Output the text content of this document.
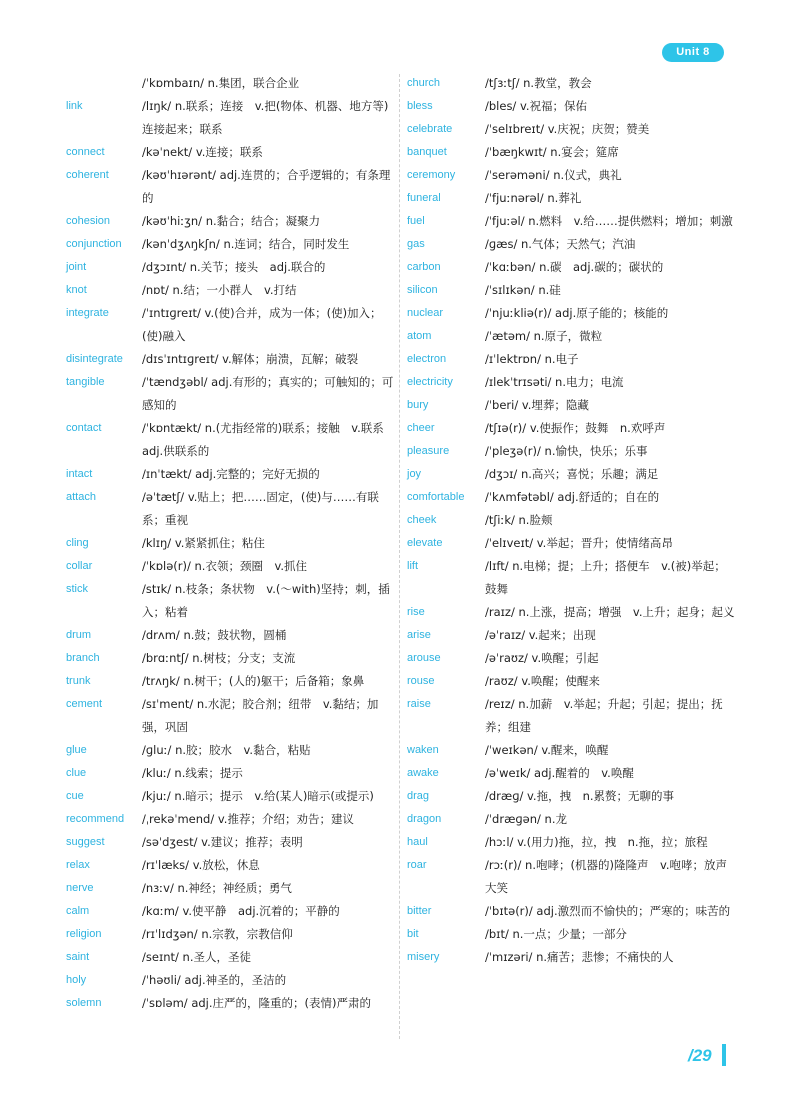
Unit 8
/ˈkɒmbaɪn/ n.集团，联合企业
link	/lɪŋk/ n.联系；连接　v.把(物体、机器、地方等)连接起来；联系
connect	/kəˈnekt/ v.连接；联系
coherent	/kəʊˈhɪərənt/ adj.连贯的；合乎逻辑的；有条理的
cohesion	/kəʊˈhiːʒn/ n.黏合；结合；凝聚力
conjunction	/kənˈdʒʌŋkʃn/ n.连词；结合，同时发生
joint	/dʒɔɪnt/ n.关节；接头　adj.联合的
knot	/nɒt/ n.结；一小群人　v.打结
integrate	/ˈɪntɪɡreɪt/ v.(使)合并，成为一体；(使)加入；(使)融入
disintegrate	/dɪsˈɪntɪɡreɪt/ v.解体；崩溃，瓦解；破裂
tangible	/ˈtændʒəbl/ adj.有形的；真实的；可触知的；可感知的
contact	/ˈkɒntækt/ n.(尤指经常的)联系；接触　v.联系　adj.供联系的
intact	/ɪnˈtækt/ adj.完整的；完好无损的
attach	/əˈtætʃ/ v.贴上；把……固定，(使)与……有联系；重视
cling	/klɪŋ/ v.紧紧抓住；粘住
collar	/ˈkɒlə(r)/ n.衣领；颈圈　v.抓住
stick	/stɪk/ n.枝条；条状物　v.(～with)坚持；刺，插入；粘着
drum	/drʌm/ n.鼓；鼓状物，圆桶
branch	/brɑːntʃ/ n.树枝；分支；支流
trunk	/trʌŋk/ n.树干；(人的)躯干；后备箱；象鼻
cement	/sɪˈment/ n.水泥；胶合剂；纽带　v.黏结；加强，巩固
glue	/ɡluː/ n.胶；胶水　v.黏合，粘贴
clue	/kluː/ n.线索；提示
cue	/kjuː/ n.暗示；提示　v.给(某人)暗示(或提示)
recommend	/ˌrekəˈmend/ v.推荐；介绍；劝告；建议
suggest	/səˈdʒest/ v.建议；推荐；表明
relax	/rɪˈlæks/ v.放松，休息
nerve	/nɜːv/ n.神经；神经质；勇气
calm	/kɑːm/ v.使平静　adj.沉着的；平静的
religion	/rɪˈlɪdʒən/ n.宗教，宗教信仰
saint	/seɪnt/ n.圣人，圣徒
holy	/ˈhəʊli/ adj.神圣的，圣洁的
solemn	/ˈsɒləm/ adj.庄严的，隆重的；(表情)严肃的
church	/tʃɜːtʃ/ n.教堂，教会
bless	/bles/ v.祝福；保佑
celebrate	/ˈselɪbreɪt/ v.庆祝；庆贺；赞美
banquet	/ˈbæŋkwɪt/ n.宴会；筵席
ceremony	/ˈserəməni/ n.仪式，典礼
funeral	/ˈfjuːnərəl/ n.葬礼
fuel	/ˈfjuːəl/ n.燃料　v.给……提供燃料；增加；刺激
gas	/ɡæs/ n.气体；天然气；汽油
carbon	/ˈkɑːbən/ n.碳　adj.碳的；碳状的
silicon	/ˈsɪlɪkən/ n.硅
nuclear	/ˈnjuːkliə(r)/ adj.原子能的；核能的
atom	/ˈætəm/ n.原子，微粒
electron	/ɪˈlektrɒn/ n.电子
electricity	/ɪlekˈtrɪsəti/ n.电力；电流
bury	/ˈberi/ v.埋葬；隐藏
cheer	/tʃɪə(r)/ v.使振作；鼓舞　n.欢呼声
pleasure	/ˈpleʒə(r)/ n.愉快，快乐；乐事
joy	/dʒɔɪ/ n.高兴；喜悦；乐趣；满足
comfortable	/ˈkʌmfətəbl/ adj.舒适的；自在的
cheek	/tʃiːk/ n.脸颊
elevate	/ˈelɪveɪt/ v.举起；晋升；使情绪高昂
lift	/lɪft/ n.电梯；提；上升；搭便车　v.(被)举起；鼓舞
rise	/raɪz/ n.上涨，提高；增强　v.上升；起身；起义
arise	/əˈraɪz/ v.起来；出现
arouse	/əˈraʊz/ v.唤醒；引起
rouse	/raʊz/ v.唤醒；使醒来
raise	/reɪz/ n.加薪　v.举起；升起；引起；提出；抚养；组建
waken	/ˈweɪkən/ v.醒来，唤醒
awake	/əˈweɪk/ adj.醒着的　v.唤醒
drag	/dræɡ/ v.拖，拽　n.累赘；无聊的事
dragon	/ˈdræɡən/ n.龙
haul	/hɔːl/ v.(用力)拖，拉，拽　n.拖，拉；旅程
roar	/rɔː(r)/ n.咆哮；(机器的)隆隆声　v.咆哮；放声大笑
bitter	/ˈbɪtə(r)/ adj.激烈而不愉快的；严寒的；味苦的
bit	/bɪt/ n.一点；少量；一部分
misery	/ˈmɪzəri/ n.痛苦；悲惨；不痛快的人
/29
